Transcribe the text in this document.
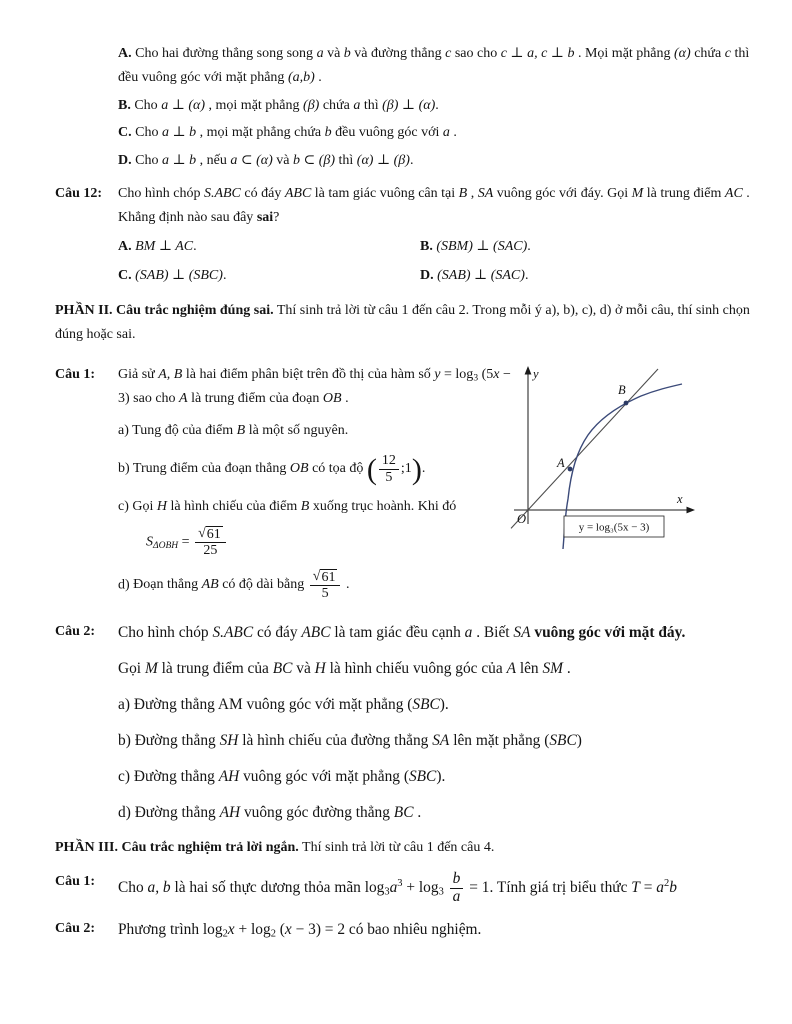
A. Cho hai đường thẳng song song a và b và đường thẳng c sao cho c ⊥ a, c ⊥ b . Mọi mặt phẳng (α) chứa c thì đều vuông góc với mặt phẳng (a,b) .

B. Cho a ⊥ (α) , mọi mặt phẳng (β) chứa a thì (β) ⊥ (α).

C. Cho a ⊥ b , mọi mặt phẳng chứa b đều vuông góc với a .

D. Cho a ⊥ b , nếu a ⊂ (α) và b ⊂ (β) thì (α) ⊥ (β).

Câu 12:	Cho hình chóp S.ABC có đáy ABC là tam giác vuông cân tại B , SA vuông góc với đáy. Gọi M là trung điểm AC . Khẳng định nào sau đây sai?
A. BM ⊥ AC.	B. (SBM) ⊥ (SAC).
C. (SAB) ⊥ (SBC).	D. (SAB) ⊥ (SAC).

PHẦN II. Câu trắc nghiệm đúng sai. Thí sinh trả lời từ câu 1 đến câu 2. Trong mỗi ý a), b), c), d) ở mỗi câu, thí sinh chọn đúng hoặc sai.

Câu 1:	Giả sử A, B là hai điểm phân biệt trên đồ thị của hàm số $y = \log_3 (5x - 3)$ sao cho A là trung điểm của đoạn OB .
a) Tung độ của điểm B là một số nguyên.
b) Trung điểm của đoạn thẳng OB có tọa độ ( $\frac{12}{5}$ ;1 ) .
c) Gọi H là hình chiếu của điểm B xuống trục hoành. Khi đó
$S_{\Delta OBH} = \frac{√61}{25}$
d) Đoạn thẳng AB có độ dài bằng $\frac{√61}{5}$ .
y = log₃(5x − 3)
y
x
O
A
B
Câu 2:	Cho hình chóp S.ABC có đáy ABC là tam giác đều cạnh a . Biết SA vuông góc với mặt đáy.
Gọi M là trung điểm của BC và H là hình chiếu vuông góc của A lên SM .
a) Đường thẳng AM vuông góc với mặt phẳng (SBC).
b) Đường thẳng SH là hình chiếu của đường thẳng SA lên mặt phẳng (SBC)
c) Đường thẳng AH vuông góc với mặt phẳng (SBC).
d) Đường thẳng AH vuông góc đường thẳng BC .

PHẦN III. Câu trắc nghiệm trả lời ngắn. Thí sinh trả lời từ câu 1 đến câu 4.

Câu 1:	Cho a, b là hai số thực dương thỏa mãn $\log_3a^3 + \log_3 \frac{b}{a} = 1$. Tính giá trị biểu thức $T = a^2b$
Câu 2:	Phương trình $\log_2x + \log_2 (x - 3) = 2$ có bao nhiêu nghiệm.
